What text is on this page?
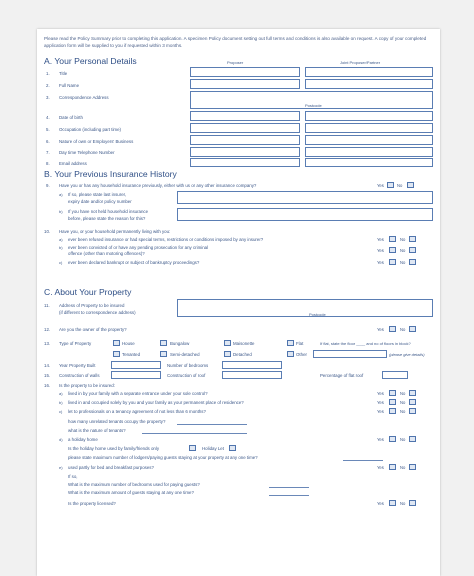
Please read the Policy Summary prior to completing this application. A specimen Policy document setting out full terms and conditions is also available on request. A copy of your completed application form will be supplied to you if requested within 3 months.
A. Your Personal Details	Proposer	Joint Proposer/Partner
1. Title
2. Full Name
3. Correspondence Address
Postcode
4. Date of birth
5. Occupation (including part time)
6. Nature of own or Employers' Business
7. Day time Telephone Number
8. Email address
B. Your Previous Insurance History
9. Have you or has any household insurance previously, either with us or any other insurance company?	Yes	No
a) If so, please state last insurer,
expiry date and/or policy number
b) If you have not held household insurance
before, please state the reason for this?
10. Have you, or your household permanently living with you:
a) ever been refused insurance or had special terms, restrictions or conditions imposed by any insurer?	Yes	No
b) ever been convicted of or have any pending prosecution for any criminal
offence (other than motoring offences)?
Yes	No
c) ever been declared bankrupt or subject of bankruptcy proceedings?	Yes	No
C. About Your Property
11. Address of Property to be insured
(if different to correspondence address)	Postcode
12. Are you the owner of the property?	Yes	No
13. Type of Property	House	Bungalow	Maisonette	Flat	If flat, state the floor ____ and no of floors in block?
Tenanted	Semi-detached	Detached	Other	(please give details)
14. Year Property Built	Number of bedrooms
15. Construction of walls	Construction of roof	Percentage of flat roof
16. Is the property to be insured:
a) lived in by your family with a separate entrance under your sole control?	Yes	No
b) lived in and occupied solely by you and your family as your permanent place of residence?	Yes	No
c) let to professionals on a tenancy agreement of not less than 6 months?	Yes	No
how many unrelated tenants occupy the property?
what is the nature of tenants?
d) a holiday home	Yes	No
Is the holiday home used by family/friends only	Holiday Let
please state maximum number of lodgers/paying guests staying at your property at any one time?
e) used partly for bed and breakfast purposes?	Yes	No
If so,
What is the maximum number of bedrooms used for paying guests?
What is the maximum amount of guests staying at any one time?
Is the property licensed?	Yes	No
